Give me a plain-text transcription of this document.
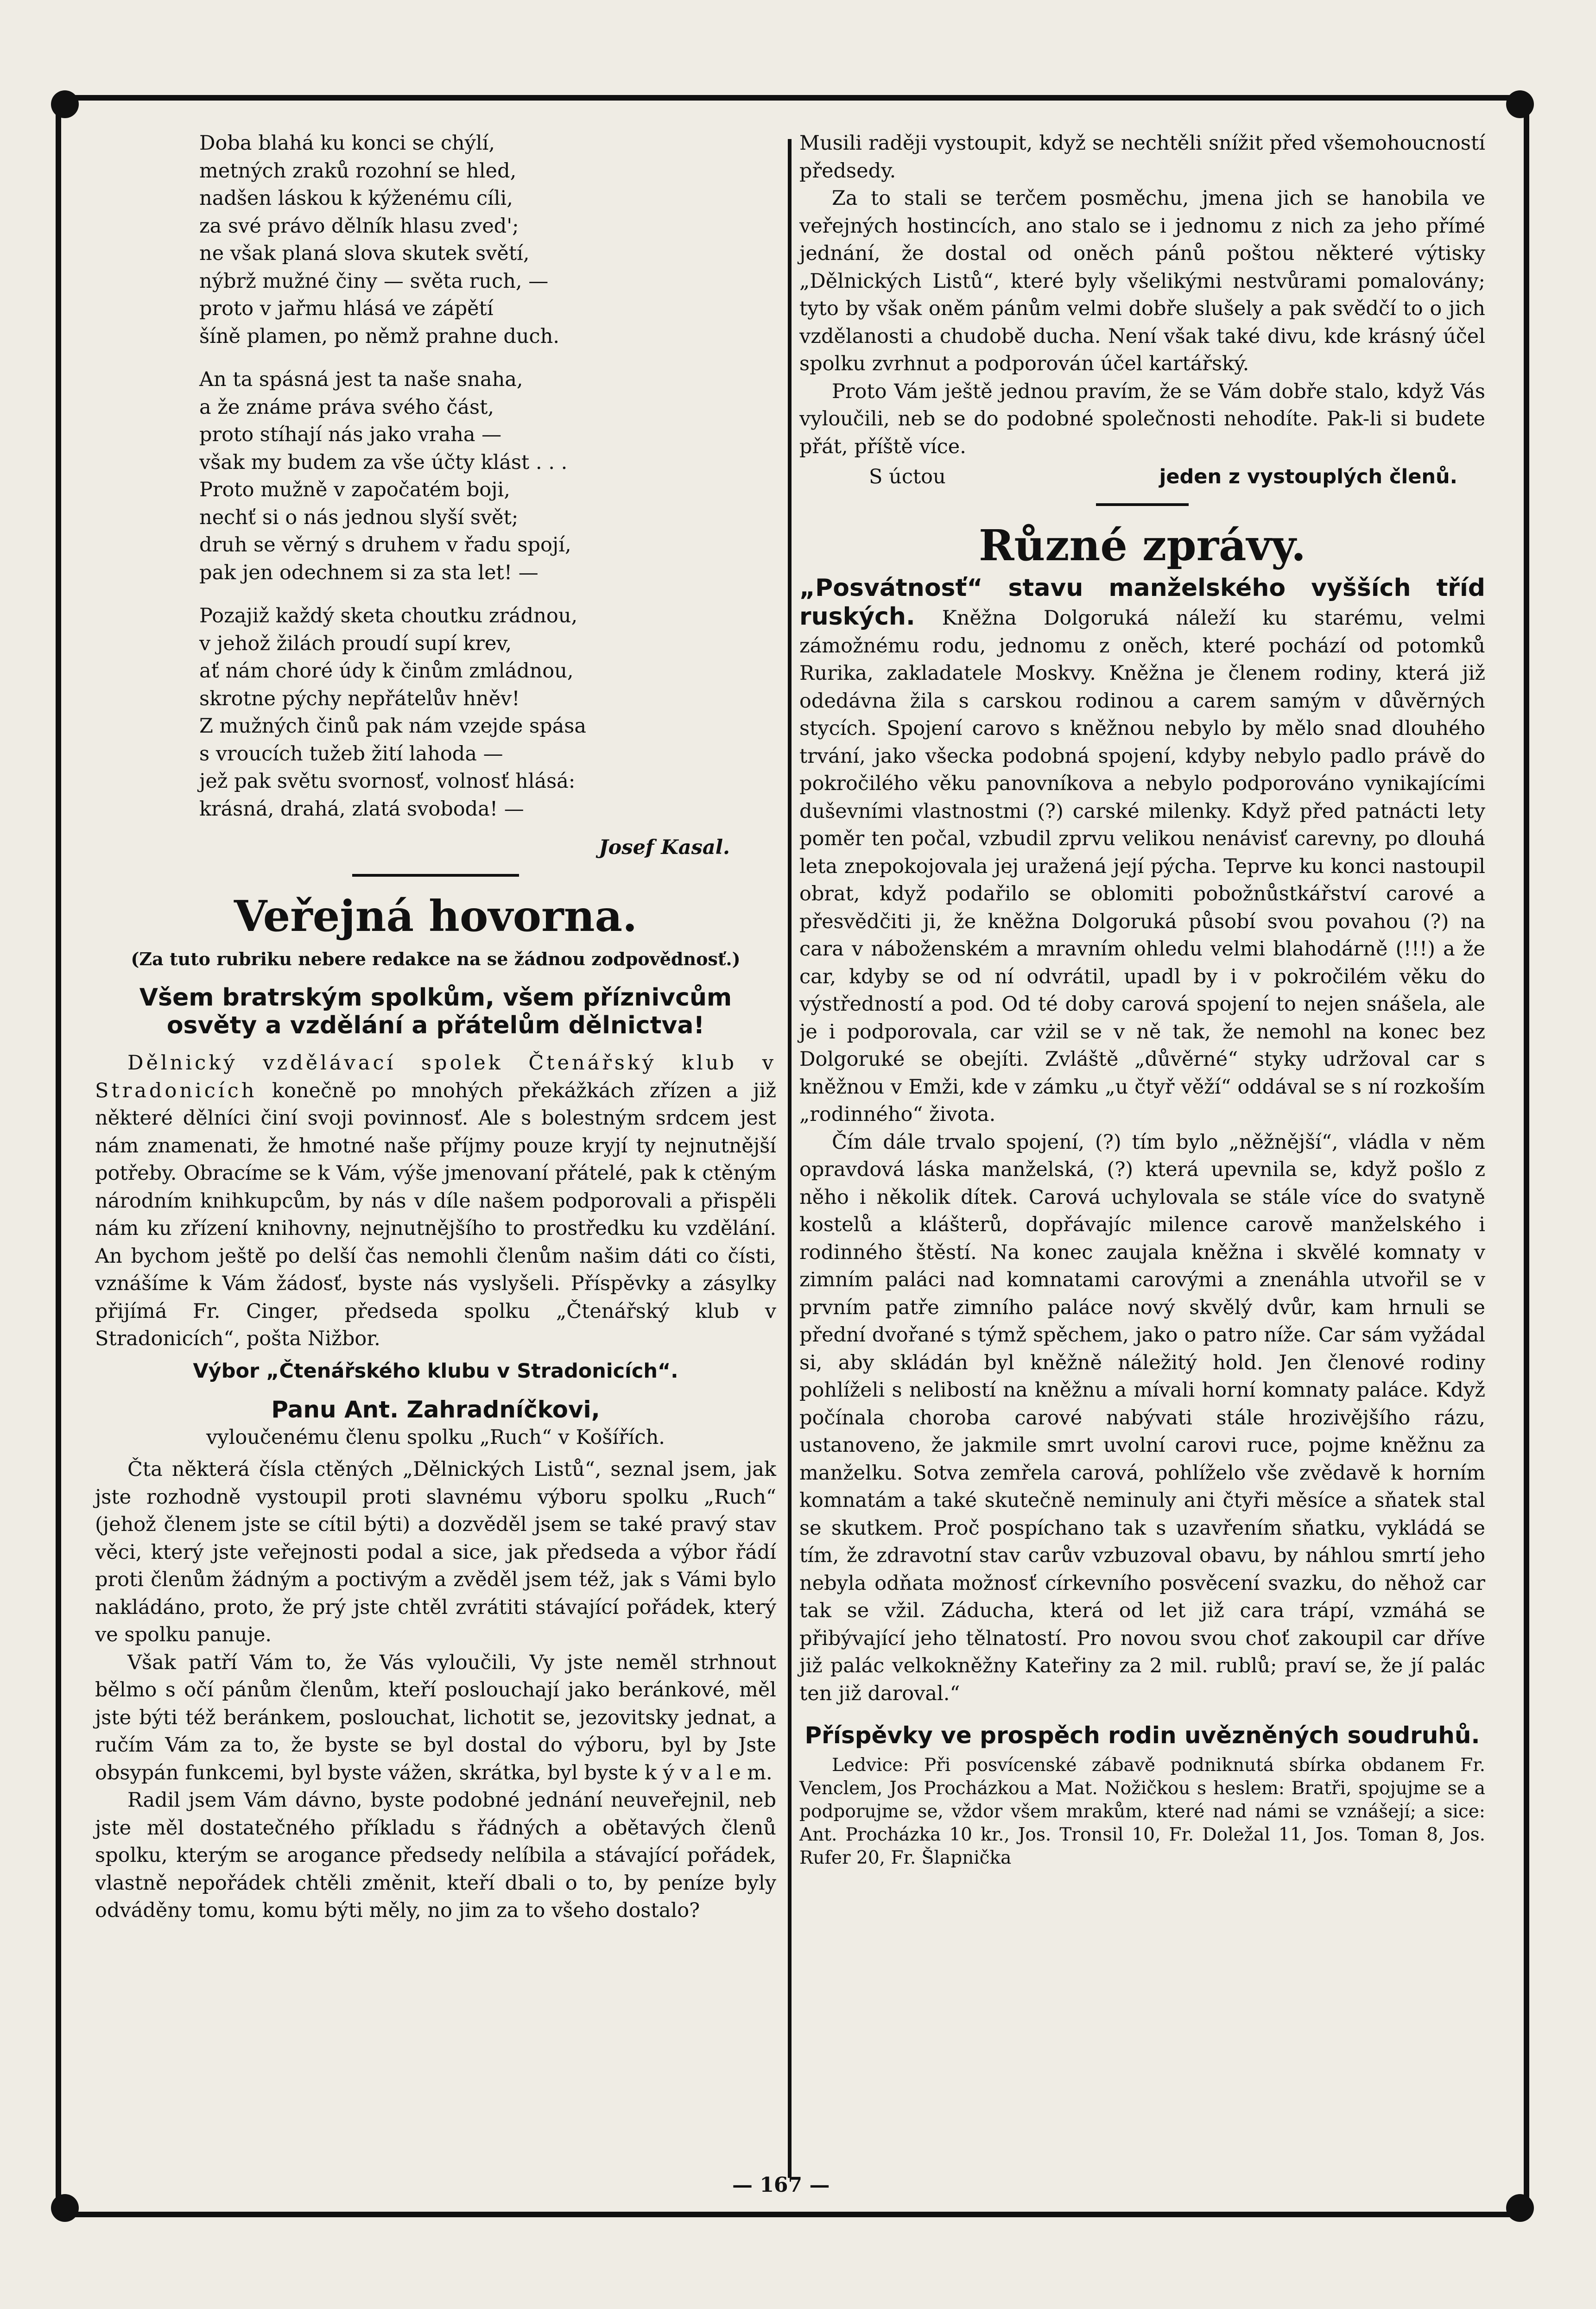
Doba blahá ku konci se chýlí,
metných zraků rozohní se hled,
nadšen láskou k kýženému cíli,
za své právo dělník hlasu zved';
ne však planá slova skutek světí,
nýbrž mužné činy — světa ruch, —
proto v jařmu hlásá ve zápětí
šíně plamen, po němž prahne duch.
An ta spásná jest ta naše snaha,
a že známe práva svého část,
proto stíhají nás jako vraha —
však my budem za vše účty klást . . .
Proto mužně v započatém boji,
nechť si o nás jednou slyší svět;
druh se věrný s druhem v řadu spojí,
pak jen odechnem si za sta let! —
Pozajiž každý sketa choutku zrádnou,
v jehož žilách proudí supí krev,
ať nám choré údy k činům zmládnou,
skrotne pýchy nepřátelův hněv!
Z mužných činů pak nám vzejde spása
s vroucích tužeb žití lahoda —
jež pak světu svornosť, volnosť hlásá:
krásná, drahá, zlatá svoboda! —
Josef Kasal.
Veřejná hovorna.
(Za tuto rubriku nebere redakce na se žádnou zodpovědnosť.)
Všem bratrským spolkům, všem příznivcům osvěty a vzdělání a přátelům dělnictva!

Dělnický vzdělávací spolek Čtenářský klub v Stradonicích konečně po mnohých překážkách zřízen a již některé dělníci činí svoji povinnosť. Ale s bolestným srdcem jest nám znamenati, že hmotné naše příjmy pouze kryjí ty nejnutnější potřeby. Obracíme se k Vám, výše jmenovaní přátelé, pak k ctěným národním knihkupcům, by nás v díle našem podporovali a přispěli nám ku zřízení knihovny, nejnutnějšího to prostředku ku vzdělání. An bychom ještě po delší čas nemohli členům našim dáti co čísti, vznášíme k Vám žádosť, byste nás vyslyšeli. Příspěvky a zásylky přijímá Fr. Cinger, předseda spolku „Čtenářský klub v Stradonicích“, pošta Nižbor.

Výbor „Čtenářského klubu v Stradonicích“.
Panu Ant. Zahradníčkovi,
vyloučenému členu spolku „Ruch“ v Košířích.

Čta některá čísla ctěných „Dělnických Listů“, seznal jsem, jak jste rozhodně vystoupil proti slavnému výboru spolku „Ruch“ (jehož členem jste se cítil býti) a dozvěděl jsem se také pravý stav věci, který jste veřejnosti podal a sice, jak předseda a výbor řádí proti členům žádným a poctivým a zvěděl jsem též, jak s Vámi bylo nakládáno, proto, že prý jste chtěl zvrátiti stávající pořádek, který ve spolku panuje.

Však patří Vám to, že Vás vyloučili, Vy jste neměl strhnout bělmo s očí pánům členům, kteří poslouchají jako beránkové, měl jste býti též beránkem, poslouchat, lichotit se, jezovitsky jednat, a ručím Vám za to, že byste se byl dostal do výboru, byl by Jste obsypán funkcemi, byl byste vážen, skrátka, byl byste k ý v a l e m.

Radil jsem Vám dávno, byste podobné jednání neuveřejnil, neb jste měl dostatečného příkladu s řádných a obětavých členů spolku, kterým se arogance předsedy nelíbila a stávající pořádek, vlastně nepořádek chtěli změnit, kteří dbali o to, by peníze byly odváděny tomu, komu býti měly, no jim za to všeho dostalo?

Musili raději vystoupit, když se nechtěli snížit před všemohoucností předsedy.

Za to stali se terčem posměchu, jmena jich se hanobila ve veřejných hostincích, ano stalo se i jednomu z nich za jeho přímé jednání, že dostal od oněch pánů poštou některé výtisky „Dělnických Listů“, které byly všelikými nestvůrami pomalovány; tyto by však oněm pánům velmi dobře slušely a pak svědčí to o jich vzdělanosti a chudobě ducha. Není však také divu, kde krásný účel spolku zvrhnut a podporován účel kartářský.

Proto Vám ještě jednou pravím, že se Vám dobře stalo, když Vás vyloučili, neb se do podobné společnosti nehodíte. Pak-li si budete přát, příště více.

S úctou	jeden z vystouplých členů.
Různé zprávy.

„Posvátnosť“ stavu manželského vyšších tříd ruských. Kněžna Dolgoruká náleží ku starému, velmi zámožnému rodu, jednomu z oněch, které pochází od potomků Rurika, zakladatele Moskvy. Kněžna je členem rodiny, která již odedávna žila s carskou rodinou a carem samým v důvěrných stycích. Spojení carovo s kněžnou nebylo by mělo snad dlouhého trvání, jako všecka podobná spojení, kdyby nebylo padlo právě do pokročilého věku panovníkova a nebylo podporováno vynikajícími duševními vlastnostmi (?) carské milenky. Když před patnácti lety poměr ten počal, vzbudil zprvu velikou nenávisť carevny, po dlouhá leta znepokojovala jej uražená její pýcha. Teprve ku konci nastoupil obrat, když podařilo se oblomiti pobožnůstkářství carové a přesvědčiti ji, že kněžna Dolgoruká působí svou povahou (?) na cara v náboženském a mravním ohledu velmi blahodárně (!!!) a že car, kdyby se od ní odvrátil, upadl by i v pokročilém věku do výstředností a pod. Od té doby carová spojení to nejen snášela, ale je i podporovala, car vżil se v ně tak, že nemohl na konec bez Dolgoruké se obejíti. Zvláště „důvěrné“ styky udržoval car s kněžnou v Emži, kde v zámku „u čtyř věží“ oddával se s ní rozkoším „rodinného“ života.

Čím dále trvalo spojení, (?) tím bylo „něžnější“, vládla v něm opravdová láska manželská, (?) která upevnila se, když pošlo z něho i několik dítek. Carová uchylovala se stále více do svatyně kostelů a klášterů, dopřávajíc milence carově manželského i rodinného štěstí. Na konec zaujala kněžna i skvělé komnaty v zimním paláci nad komnatami carovými a znenáhla utvořil se v prvním patře zimního paláce nový skvělý dvůr, kam hrnuli se přední dvořané s týmž spěchem, jako o patro níže. Car sám vyžádal si, aby skládán byl kněžně náležitý hold. Jen členové rodiny pohlíželi s nelibostí na kněžnu a mívali horní komnaty paláce. Když počínala choroba carové nabývati stále hrozivějšího rázu, ustanoveno, že jakmile smrt uvolní carovi ruce, pojme kněžnu za manželku. Sotva zemřela carová, pohlíželo vše zvědavě k horním komnatám a také skutečně neminuly ani čtyři měsíce a sňatek stal se skutkem. Proč pospíchano tak s uzavřením sňatku, vykládá se tím, že zdravotní stav carův vzbuzoval obavu, by náhlou smrtí jeho nebyla odňata možnosť církevního posvěcení svazku, do něhož car tak se vžil. Záducha, která od let již cara trápí, vzmáhá se přibývající jeho tělnatostí. Pro novou svou choť zakoupil car dříve již palác velkokněžny Kateřiny za 2 mil. rublů; praví se, že jí palác ten již daroval.“

Příspěvky ve prospěch rodin uvězněných soudruhů.

Ledvice: Při posvícenské zábavě podniknutá sbírka obdanem Fr. Venclem, Jos Procházkou a Mat. Nožičkou s heslem: Bratři, spojujme se a podporujme se, vždor všem mrakům, které nad námi se vznášejí; a sice: Ant. Procházka 10 kr., Jos. Tronsil 10, Fr. Doležal 11, Jos. Toman 8, Jos. Rufer 20, Fr. Šlapnička

— 167 —
